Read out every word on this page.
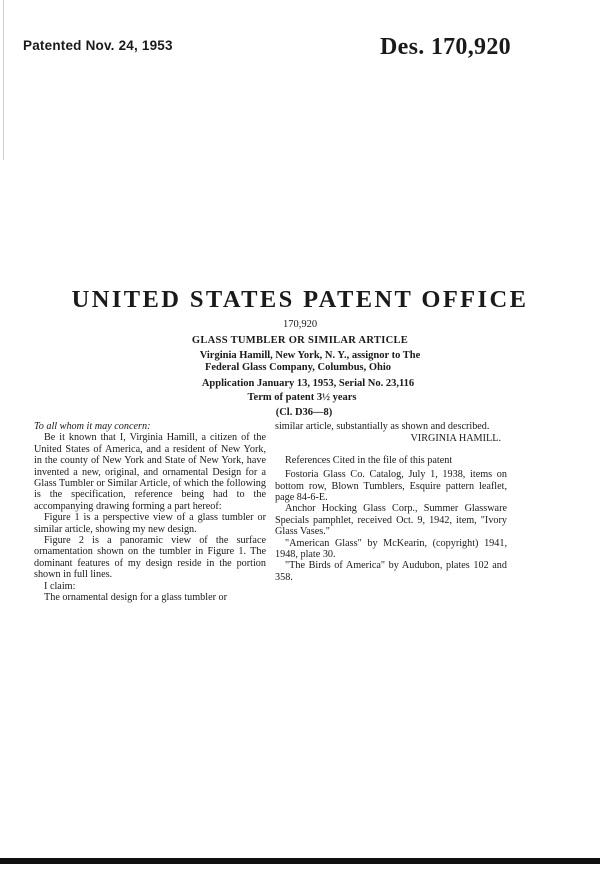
Patented Nov. 24, 1953	Des. 170,920
UNITED STATES PATENT OFFICE
170,920
GLASS TUMBLER OR SIMILAR ARTICLE
Virginia Hamill, New York, N. Y., assignor to The
Federal Glass Company, Columbus, Ohio
Application January 13, 1953, Serial No. 23,116
Term of patent 3½ years
(Cl. D36—8)

To all whom it may concern:

Be it known that I, Virginia Hamill, a citizen of the United States of America, and a resident of New York, in the county of New York and State of New York, have invented a new, original, and ornamental Design for a Glass Tumbler or Similar Article, of which the following is the specification, reference being had to the accompanying drawing forming a part hereof:

Figure 1 is a perspective view of a glass tumbler or similar article, showing my new design.

Figure 2 is a panoramic view of the surface ornamentation shown on the tumbler in Figure 1. The dominant features of my design reside in the portion shown in full lines.

I claim:

The ornamental design for a glass tumbler or

similar article, substantially as shown and described.

VIRGINIA HAMILL.

References Cited in the file of this patent

Fostoria Glass Co. Catalog, July 1, 1938, items on bottom row, Blown Tumblers, Esquire pattern leaflet, page 84-6-E.

Anchor Hocking Glass Corp., Summer Glassware Specials pamphlet, received Oct. 9, 1942, item, "Ivory Glass Vases."

"American Glass" by McKearin, (copyright) 1941, 1948, plate 30.

"The Birds of America" by Audubon, plates 102 and 358.
